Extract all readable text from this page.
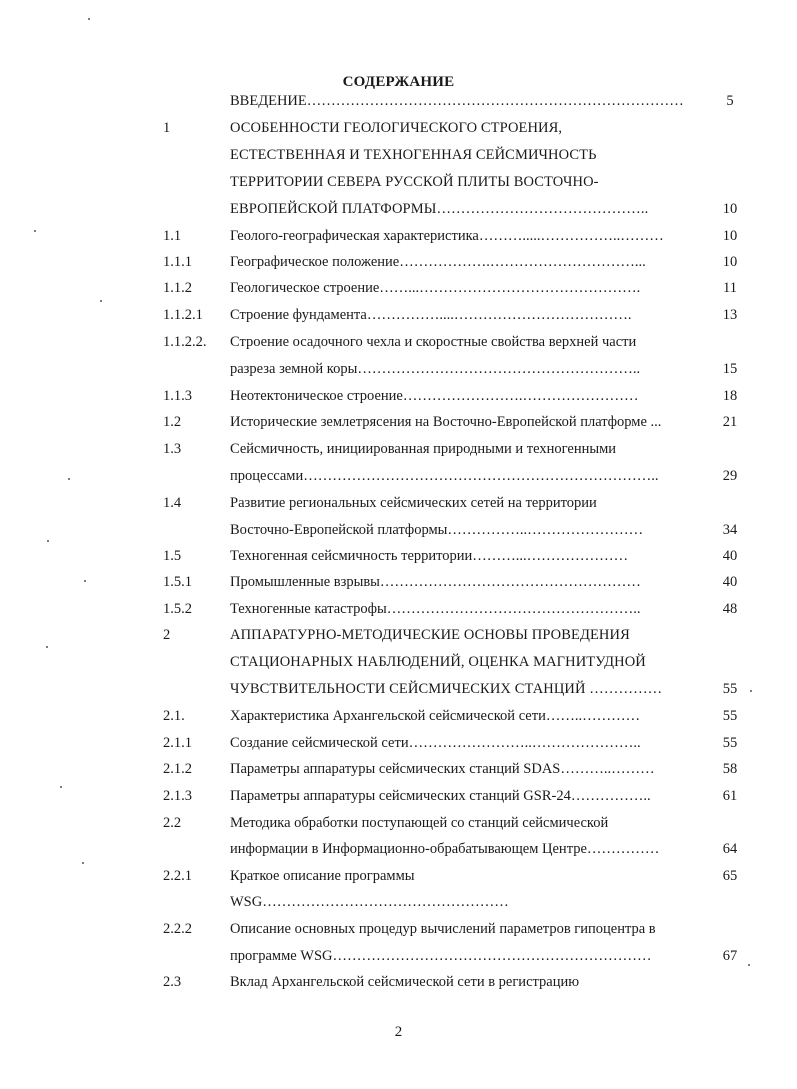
СОДЕРЖАНИЕ
ВВЕДЕНИЕ……………………………………………………………………	5
1	ОСОБЕННОСТИ ГЕОЛОГИЧЕСКОГО СТРОЕНИЯ,
ЕСТЕСТВЕННАЯ И ТЕХНОГЕННАЯ СЕЙСМИЧНОСТЬ
ТЕРРИТОРИИ СЕВЕРА РУССКОЙ ПЛИТЫ ВОСТОЧНО-
ЕВРОПЕЙСКОЙ ПЛАТФОРМЫ……………………………………..	10
1.1	Геолого-географическая характеристика……….....……………..………	10
1.1.1	Географическое положение……………….…………………………...	10
1.1.2	Геологическое строение……...……………………………………….	11
1.1.2.1	Строение фундамента……………....……………………………….	13
1.1.2.2.	Строение осадочного чехла и скоростные свойства верхней части
разреза земной коры…………………………………………………..	15
1.1.3	Неотектоническое строение…………………….……………………	18
1.2	Исторические землетрясения на Восточно-Европейской платформе ...	21
1.3	Сейсмичность, инициированная природными и техногенными
процессами………………………………………………………………..	29
1.4	Развитие региональных сейсмических сетей на территории
Восточно-Европейской платформы……………..……………………	34
1.5	Техногенная сейсмичность территории………...…………………	40
1.5.1	Промышленные взрывы………………………………………………	40
1.5.2	Техногенные катастрофы……………………………………………..	48
2	АППАРАТУРНО-МЕТОДИЧЕСКИЕ ОСНОВЫ ПРОВЕДЕНИЯ
СТАЦИОНАРНЫХ НАБЛЮДЕНИЙ, ОЦЕНКА МАГНИТУДНОЙ
ЧУВСТВИТЕЛЬНОСТИ СЕЙСМИЧЕСКИХ СТАНЦИЙ ……………	55
2.1.	Характеристика Архангельской сейсмической сети……..…………	55
2.1.1	Создание сейсмической сети……………………..…………………..	55
2.1.2	Параметры аппаратуры сейсмических станций SDAS………..………	58
2.1.3	Параметры аппаратуры сейсмических станций GSR-24……………..	61
2.2	Методика обработки поступающей со станций сейсмической
информации в Информационно-обрабатывающем Центре……………	64
2.2.1	Краткое описание программы	65
WSG……………………………………………
2.2.2	Описание основных процедур вычислений параметров гипоцентра в
программе WSG…………………………………………………………	67
2.3	Вклад Архангельской сейсмической сети в регистрацию
2
